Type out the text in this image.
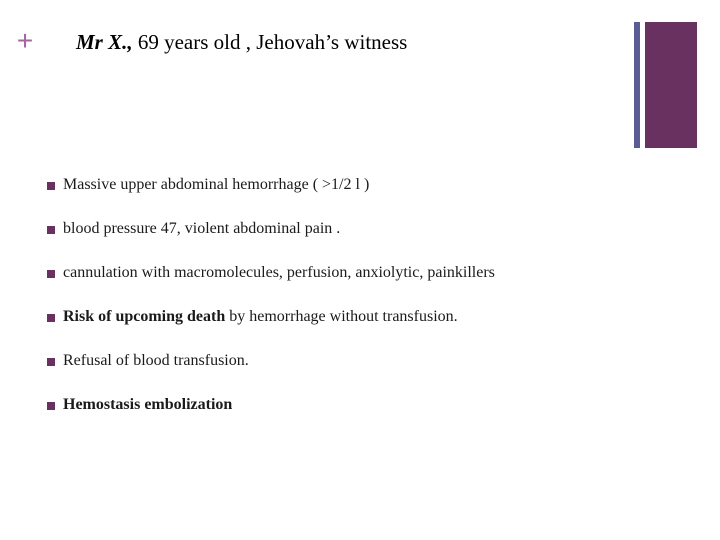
+ Mr X., 69 years old , Jehovah’s witness
Massive upper abdominal hemorrhage ( >1/2 l )
blood pressure 47, violent abdominal pain .
cannulation with macromolecules, perfusion, anxiolytic, painkillers
Risk of upcoming death by hemorrhage without transfusion.
Refusal of blood transfusion.
Hemostasis embolization
